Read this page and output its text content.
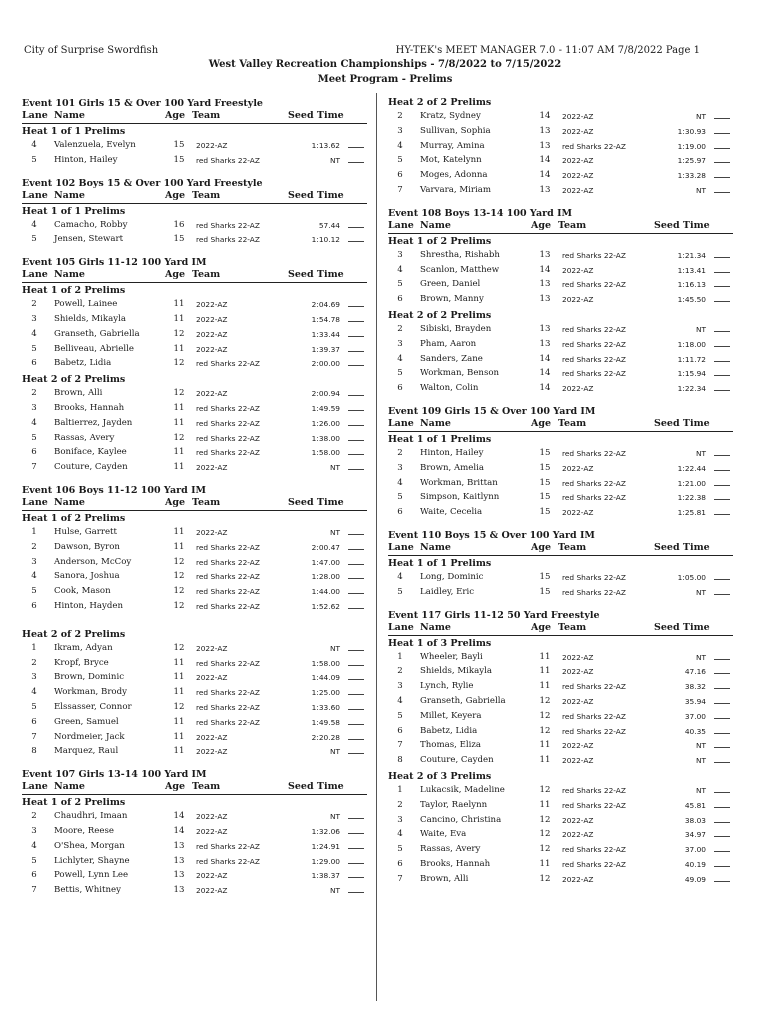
City of Surprise Swordfish	HY-TEK's MEET MANAGER 7.0 - 11:07 AM 7/8/2022 Page 1
West Valley Recreation Championships - 7/8/2022 to 7/15/2022
Meet Program - Prelims
Event 101 Girls 15 & Over 100 Yard Freestyle
Lane Name	Age Team	Seed Time
Heat 1 of 1 Prelims
4	Valenzuela, Evelyn	15 2022-AZ	1:13.62
5	Hinton, Hailey	15 red Sharks 22-AZ	NT
Event 102 Boys 15 & Over 100 Yard Freestyle
Lane Name	Age Team	Seed Time
Heat 1 of 1 Prelims
4	Camacho, Robby	16 red Sharks 22-AZ	57.44
5	Jensen, Stewart	15 red Sharks 22-AZ	1:10.12
Event 105 Girls 11-12 100 Yard IM
Lane Name	Age Team	Seed Time
Heat 1 of 2 Prelims
2	Powell, Lainee	11 2022-AZ	2:04.69
3	Shields, Mikayla	11 2022-AZ	1:54.78
4	Granseth, Gabriella	12 2022-AZ	1:33.44
5	Belliveau, Abrielle	11 2022-AZ	1:39.37
6	Babetz, Lidia	12 red Sharks 22-AZ	2:00.00
Heat 2 of 2 Prelims
2	Brown, Alli	12 2022-AZ	2:00.94
3	Brooks, Hannah	11 red Sharks 22-AZ	1:49.59
4	Baltierrez, Jayden	11 red Sharks 22-AZ	1:26.00
5	Rassas, Avery	12 red Sharks 22-AZ	1:38.00
6	Boniface, Kaylee	11 red Sharks 22-AZ	1:58.00
7	Couture, Cayden	11 2022-AZ	NT
Event 106 Boys 11-12 100 Yard IM
Lane Name	Age Team	Seed Time
Heat 1 of 2 Prelims
1	Hulse, Garrett	11 2022-AZ	NT
2	Dawson, Byron	11 red Sharks 22-AZ	2:00.47
3	Anderson, McCoy	12 red Sharks 22-AZ	1:47.00
4	Sanora, Joshua	12 red Sharks 22-AZ	1:28.00
5	Cook, Mason	12 red Sharks 22-AZ	1:44.00
6	Hinton, Hayden	12 red Sharks 22-AZ	1:52.62
Heat 2 of 2 Prelims
1	Ikram, Adyan	12 2022-AZ	NT
2	Kropf, Bryce	11 red Sharks 22-AZ	1:58.00
3	Brown, Dominic	11 2022-AZ	1:44.09
4	Workman, Brody	11 red Sharks 22-AZ	1:25.00
5	Elssasser, Connor	12 red Sharks 22-AZ	1:33.60
6	Green, Samuel	11 red Sharks 22-AZ	1:49.58
7	Nordmeier, Jack	11 2022-AZ	2:20.28
8	Marquez, Raul	11 2022-AZ	NT
Event 107 Girls 13-14 100 Yard IM
Lane Name	Age Team	Seed Time
Heat 1 of 2 Prelims
2	Chaudhri, Imaan	14 2022-AZ	NT
3	Moore, Reese	14 2022-AZ	1:32.06
4	O'Shea, Morgan	13 red Sharks 22-AZ	1:24.91
5	Lichlyter, Shayne	13 red Sharks 22-AZ	1:29.00
6	Powell, Lynn Lee	13 2022-AZ	1:38.37
7	Bettis, Whitney	13 2022-AZ	NT
Heat 2 of 2 Prelims
2	Kratz, Sydney	14 2022-AZ	NT
3	Sullivan, Sophia	13 2022-AZ	1:30.93
4	Murray, Amina	13 red Sharks 22-AZ	1:19.00
5	Mot, Katelynn	14 2022-AZ	1:25.97
6	Moges, Adonna	14 2022-AZ	1:33.28
7	Varvara, Miriam	13 2022-AZ	NT
Event 108 Boys 13-14 100 Yard IM
Lane Name	Age Team	Seed Time
Heat 1 of 2 Prelims
3	Shrestha, Rishabh	13 red Sharks 22-AZ	1:21.34
4	Scanlon, Matthew	14 2022-AZ	1:13.41
5	Green, Daniel	13 red Sharks 22-AZ	1:16.13
6	Brown, Manny	13 2022-AZ	1:45.50
Heat 2 of 2 Prelims
2	Sibiski, Brayden	13 red Sharks 22-AZ	NT
3	Pham, Aaron	13 red Sharks 22-AZ	1:18.00
4	Sanders, Zane	14 red Sharks 22-AZ	1:11.72
5	Workman, Benson	14 red Sharks 22-AZ	1:15.94
6	Walton, Colin	14 2022-AZ	1:22.34
Event 109 Girls 15 & Over 100 Yard IM
Lane Name	Age Team	Seed Time
Heat 1 of 1 Prelims
2	Hinton, Hailey	15 red Sharks 22-AZ	NT
3	Brown, Amelia	15 2022-AZ	1:22.44
4	Workman, Brittan	15 red Sharks 22-AZ	1:21.00
5	Simpson, Kaitlynn	15 red Sharks 22-AZ	1:22.38
6	Waite, Cecelia	15 2022-AZ	1:25.81
Event 110 Boys 15 & Over 100 Yard IM
Lane Name	Age Team	Seed Time
Heat 1 of 1 Prelims
4	Long, Dominic	15 red Sharks 22-AZ	1:05.00
5	Laidley, Eric	15 red Sharks 22-AZ	NT
Event 117 Girls 11-12 50 Yard Freestyle
Lane Name	Age Team	Seed Time
Heat 1 of 3 Prelims
1	Wheeler, Bayli	11 2022-AZ	NT
2	Shields, Mikayla	11 2022-AZ	47.16
3	Lynch, Rylie	11 red Sharks 22-AZ	38.32
4	Granseth, Gabriella	12 2022-AZ	35.94
5	Millet, Keyera	12 red Sharks 22-AZ	37.00
6	Babetz, Lidia	12 red Sharks 22-AZ	40.35
7	Thomas, Eliza	11 2022-AZ	NT
8	Couture, Cayden	11 2022-AZ	NT
Heat 2 of 3 Prelims
1	Lukacsik, Madeline	12 red Sharks 22-AZ	NT
2	Taylor, Raelynn	11 red Sharks 22-AZ	45.81
3	Cancino, Christina	12 2022-AZ	38.03
4	Waite, Eva	12 2022-AZ	34.97
5	Rassas, Avery	12 red Sharks 22-AZ	37.00
6	Brooks, Hannah	11 red Sharks 22-AZ	40.19
7	Brown, Alli	12 2022-AZ	49.09
